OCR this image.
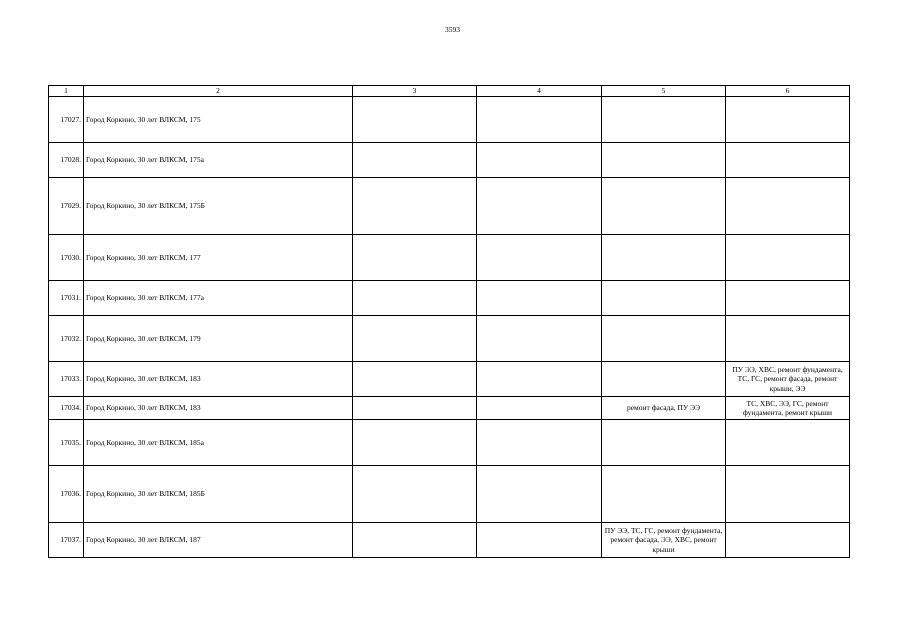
3593
1	2	3	4	5	6
17027.	Город Коркино, 30 лет ВЛКСМ, 175				
17028.	Город Коркино, 30 лет ВЛКСМ, 175а				
17029.	Город Коркино, 30 лет ВЛКСМ, 175Б				
17030.	Город Коркино, 30 лет ВЛКСМ, 177				
17031.	Город Коркино, 30 лет ВЛКСМ, 177а				
17032.	Город Коркино, 30 лет ВЛКСМ, 179				
17033.	Город Коркино, 30 лет ВЛКСМ, 183				ПУ ЭЭ, ХВС, ремонт фундамента, ТС, ГС, ремонт фасада, ремонт крыши, ЭЭ
17034.	Город Коркино, 30 лет ВЛКСМ, 183			ремонт фасада, ПУ ЭЭ	ТС, ХВС, ЭЭ, ГС, ремонт фундамента, ремонт крыши
17035.	Город Коркино, 30 лет ВЛКСМ, 185а				
17036.	Город Коркино, 30 лет ВЛКСМ, 185Б				
17037.	Город Коркино, 30 лет ВЛКСМ, 187			ПУ ЭЭ, ТС, ГС, ремонт фундамента, ремонт фасада, ЭЭ, ХВС, ремонт крыши	
